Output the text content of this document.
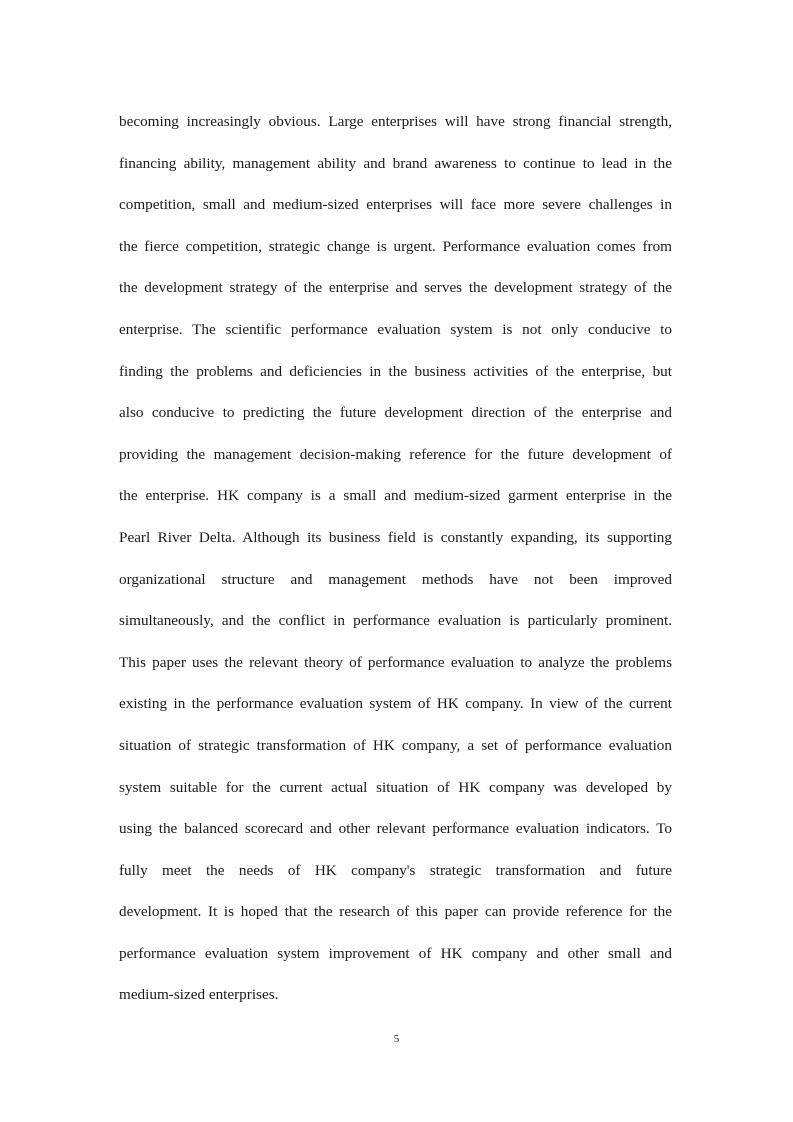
becoming increasingly obvious. Large enterprises will have strong financial strength,
financing ability, management ability and brand awareness to continue to lead in the
competition, small and medium-sized enterprises will face more severe challenges in
the fierce competition, strategic change is urgent. Performance evaluation comes from
the development strategy of the enterprise and serves the development strategy of the
enterprise. The scientific performance evaluation system is not only conducive to
finding the problems and deficiencies in the business activities of the enterprise, but
also conducive to predicting the future development direction of the enterprise and
providing the management decision-making reference for the future development of
the enterprise. HK company is a small and medium-sized garment enterprise in the
Pearl River Delta. Although its business field is constantly expanding, its supporting
organizational structure and management methods have not been improved
simultaneously, and the conflict in performance evaluation is particularly prominent.
This paper uses the relevant theory of performance evaluation to analyze the problems
existing in the performance evaluation system of HK company. In view of the current
situation of strategic transformation of HK company, a set of performance evaluation
system suitable for the current actual situation of HK company was developed by
using the balanced scorecard and other relevant performance evaluation indicators. To
fully meet the needs of HK company's strategic transformation and future
development. It is hoped that the research of this paper can provide reference for the
performance evaluation system improvement of HK company and other small and
medium-sized enterprises.
5
